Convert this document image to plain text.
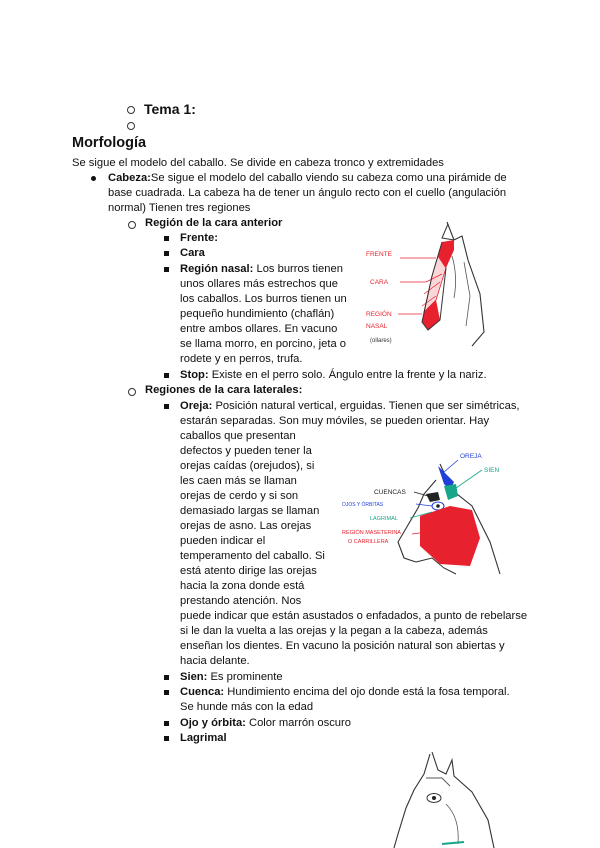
Tema 1:
Morfología
Se sigue el modelo del caballo. Se divide en cabeza tronco y extremidades
Cabeza:Se sigue el modelo del caballo viendo su cabeza como una pirámide de
base cuadrada. La cabeza ha de tener un ángulo recto con el cuello (angulación
normal) Tienen tres regiones
Región de la cara anterior
Frente:
Cara
Región nasal: Los burros tienen
unos ollares más estrechos que
los caballos. Los burros tienen un
pequeño hundimiento (chaflán)
entre ambos ollares. En vacuno
se llama morro, en porcino, jeta o
rodete y en perros, trufa.
Stop: Existe en el perro solo. Ángulo entre la frente y la nariz.
FRENTE
CARA
REGIÓN
NASAL
(ollares)
Regiones de la cara laterales:
Oreja: Posición natural vertical, erguidas. Tienen que ser simétricas,
estarán separadas. Son muy móviles, se pueden orientar. Hay
caballos que presentan
defectos y pueden tener la
orejas caídas (orejudos), si
les caen más se llaman
orejas de cerdo y si son
demasiado largas se llaman
orejas de asno. Las orejas
pueden indicar el
temperamento del caballo. Si
está atento dirige las orejas
hacia la zona donde está
prestando atención. Nos
puede indicar que están asustados o enfadados, a punto de rebelarse
si le dan la vuelta a las orejas y la pegan a la cabeza, además
enseñan los dientes. En vacuno la posición natural son abiertas y
hacia delante.
OREJA
SIEN
CUENCAS
OJOS Y ÓRBITAS
LAGRIMAL
REGIÓN MASETERINA
O CARRILLERA
Sien: Es prominente
Cuenca: Hundimiento encima del ojo donde está la fosa temporal.
Se hunde más con la edad
Ojo y órbita: Color marrón oscuro
Lagrimal
